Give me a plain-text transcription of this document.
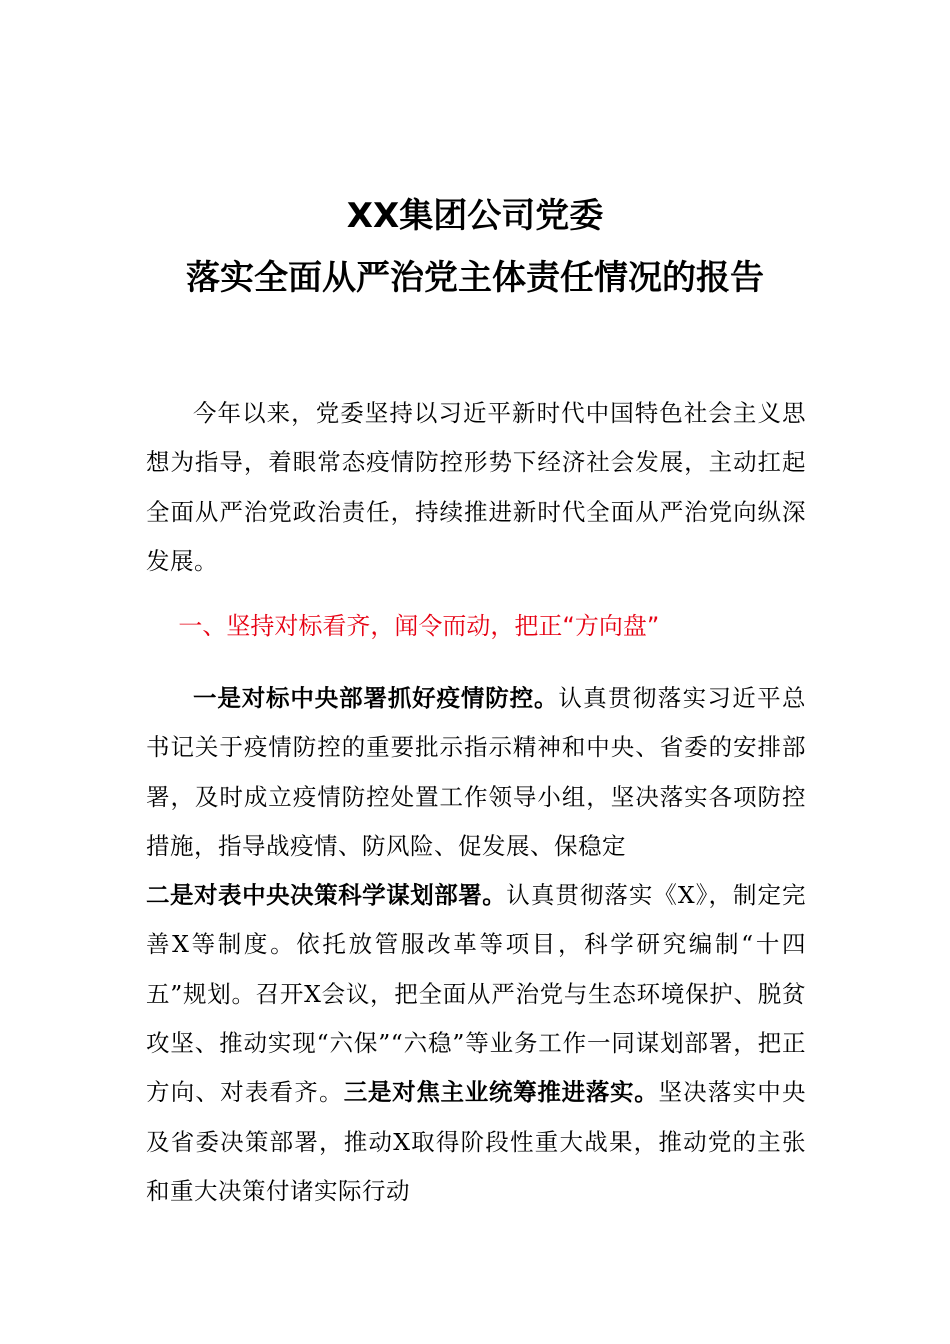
XX集团公司党委
落实全面从严治党主体责任情况的报告
今年以来，党委坚持以习近平新时代中国特色社会主义思想为指导，着眼常态疫情防控形势下经济社会发展，主动扛起全面从严治党政治责任，持续推进新时代全面从严治党向纵深发展。
一、坚持对标看齐，闻令而动，把正“方向盘”
一是对标中央部署抓好疫情防控。认真贯彻落实习近平总书记关于疫情防控的重要批示指示精神和中央、省委的安排部署，及时成立疫情防控处置工作领导小组，坚决落实各项防控措施，指导战疫情、防风险、促发展、保稳定
二是对表中央决策科学谋划部署。认真贯彻落实《X》，制定完善X等制度。依托放管服改革等项目，科学研究编制“十四五”规划。召开X会议，把全面从严治党与生态环境保护、脱贫攻坚、推动实现“六保”“六稳”等业务工作一同谋划部署，把正方向、对表看齐。三是对焦主业统筹推进落实。坚决落实中央及省委决策部署，推动X取得阶段性重大战果，推动党的主张和重大决策付诸实际行动
